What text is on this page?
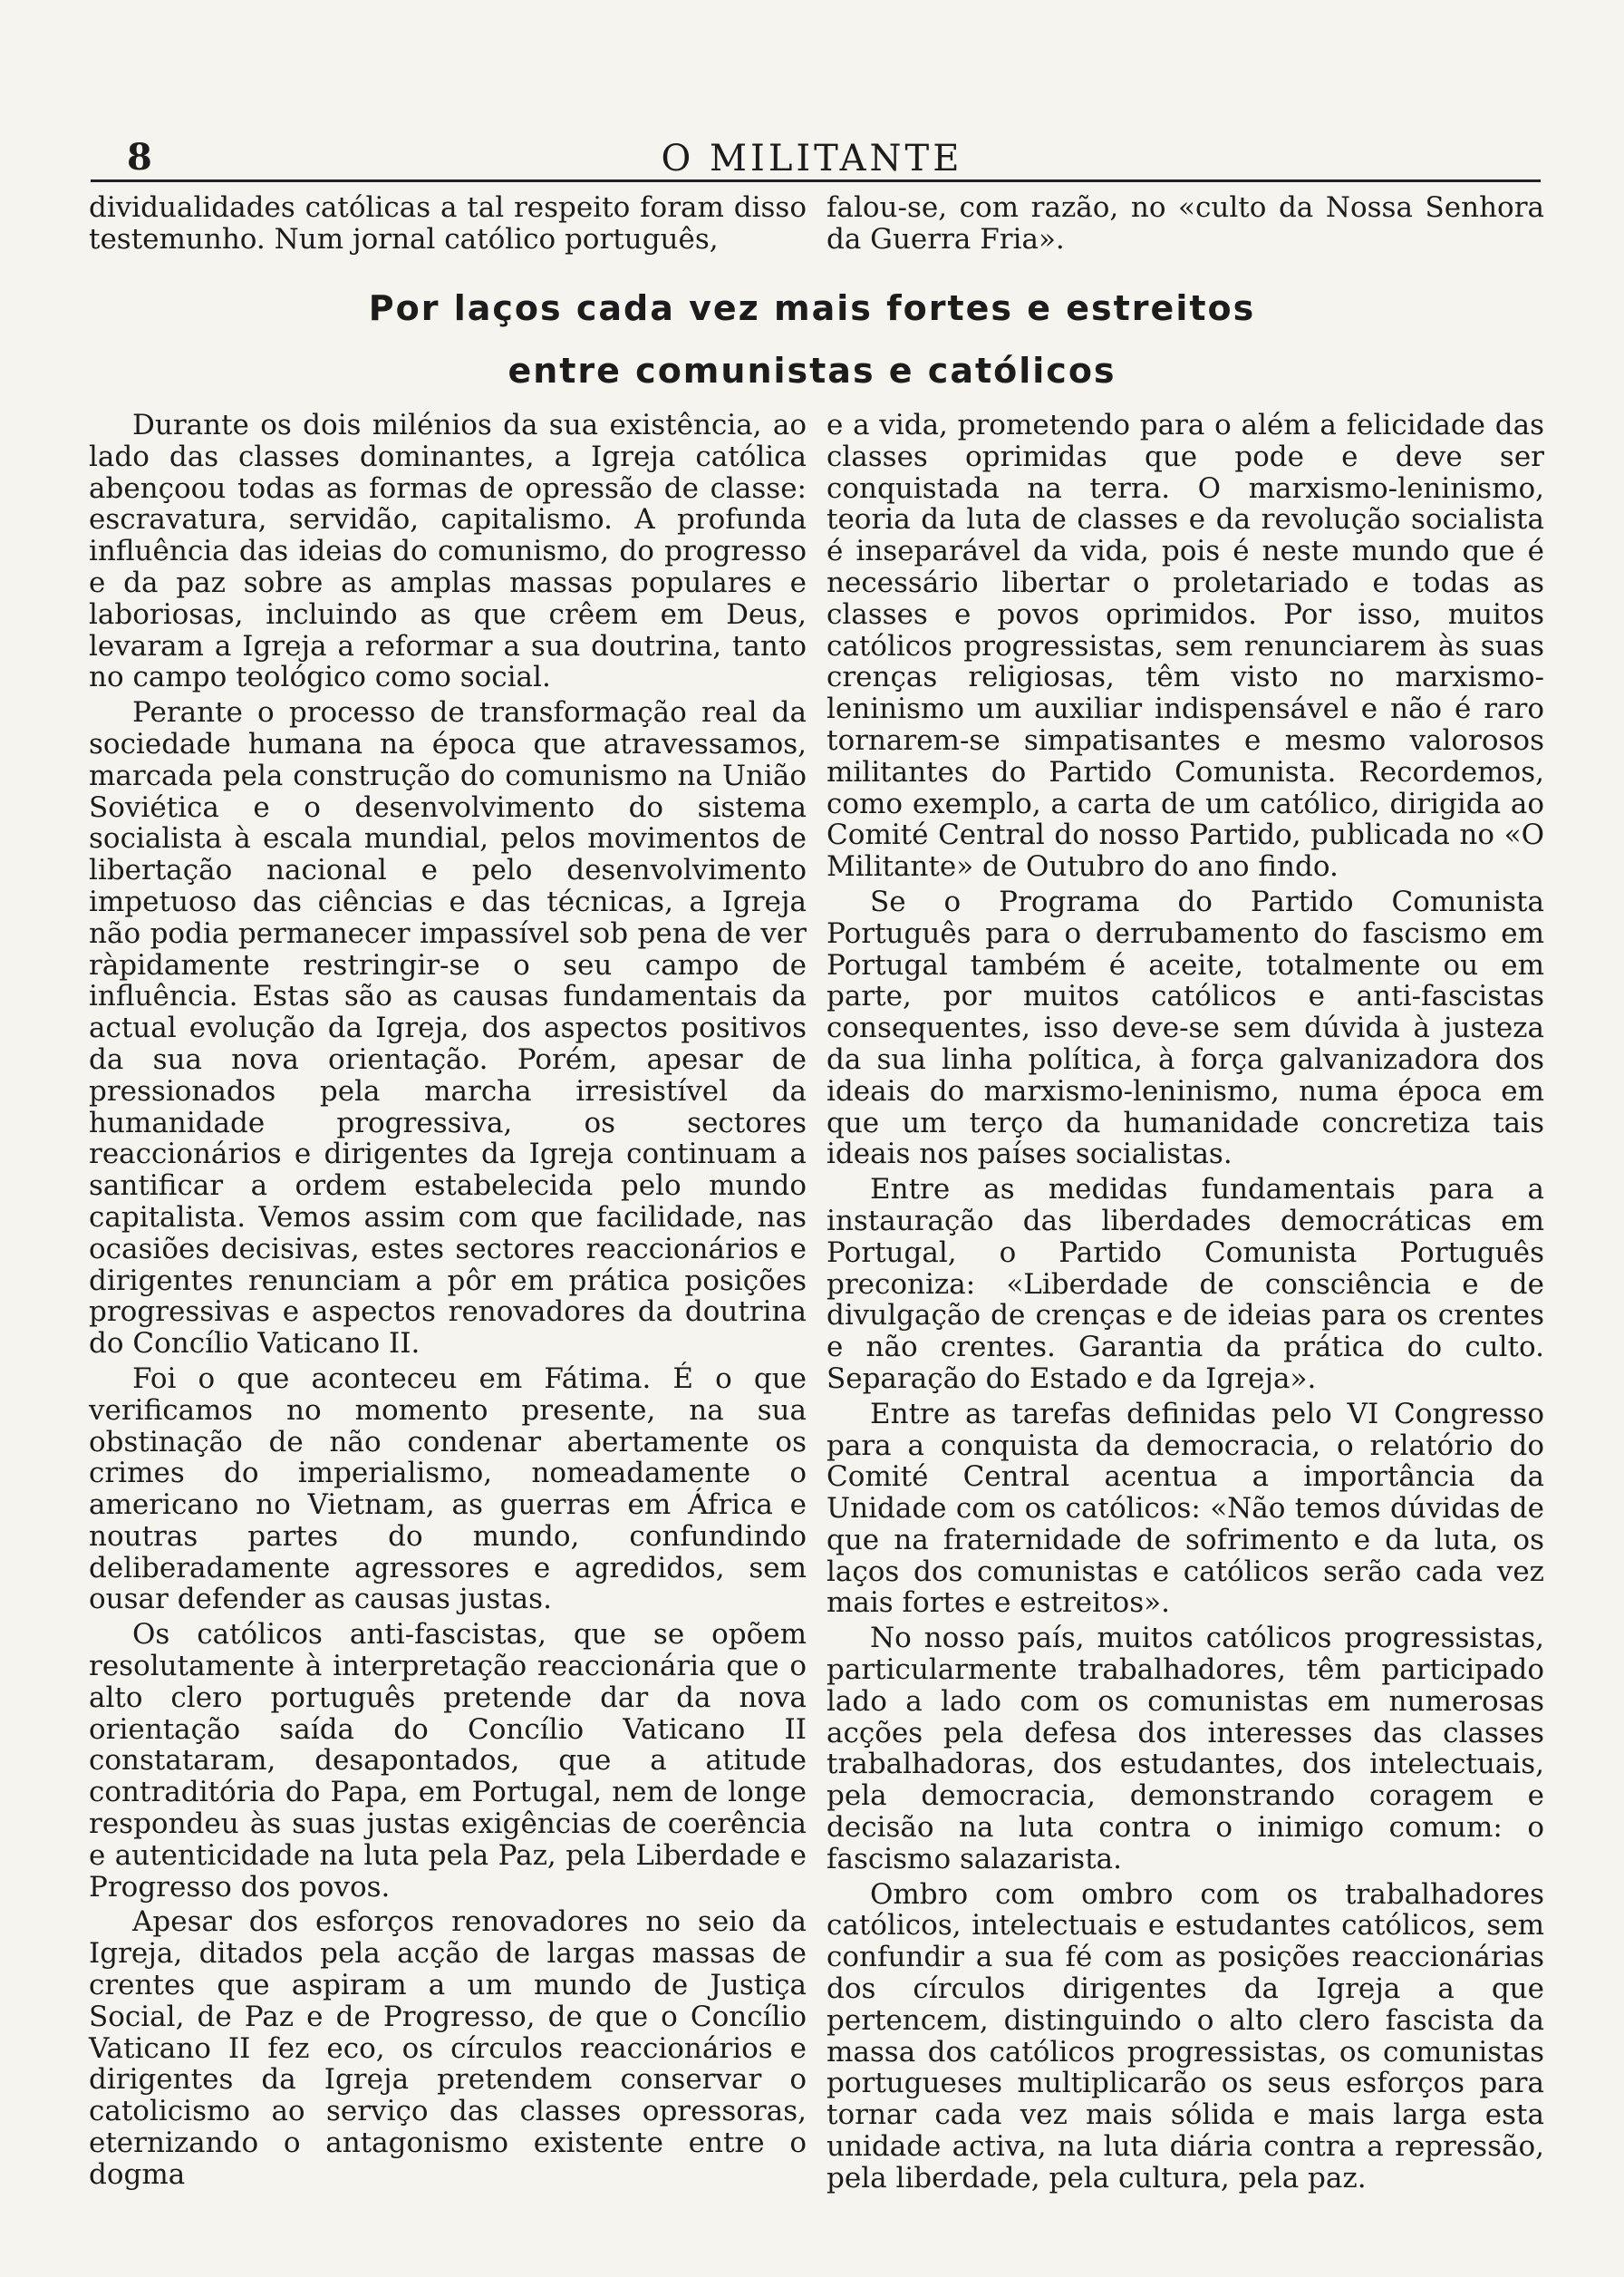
8	O MILITANTE

dividualidades católicas a tal respeito foram disso testemunho. Num jornal católico português,

falou-se, com razão, no «culto da Nossa Senhora da Guerra Fria».

Por laços cada vez mais fortes e estreitos
entre comunistas e católicos

Durante os dois milénios da sua existência, ao lado das classes dominantes, a Igreja católica abençoou todas as formas de opressão de classe: escravatura, servidão, capitalismo. A profunda influência das ideias do comunismo, do progresso e da paz sobre as amplas massas populares e laboriosas, incluindo as que crêem em Deus, levaram a Igreja a reformar a sua doutrina, tanto no campo teológico como social.

Perante o processo de transformação real da sociedade humana na época que atravessamos, marcada pela construção do comunismo na União Soviética e o desenvolvimento do sistema socialista à escala mundial, pelos movimentos de libertação nacional e pelo desenvolvimento impetuoso das ciências e das técnicas, a Igreja não podia permanecer impassível sob pena de ver ràpidamente restringir-se o seu campo de influência. Estas são as causas fundamentais da actual evolução da Igreja, dos aspectos positivos da sua nova orientação. Porém, apesar de pressionados pela marcha irresistível da humanidade progressiva, os sectores reaccionários e dirigentes da Igreja continuam a santificar a ordem estabelecida pelo mundo capitalista. Vemos assim com que facilidade, nas ocasiões decisivas, estes sectores reaccionários e dirigentes renunciam a pôr em prática posições progressivas e aspectos renovadores da doutrina do Concílio Vaticano II.

Foi o que aconteceu em Fátima. É o que verificamos no momento presente, na sua obstinação de não condenar abertamente os crimes do imperialismo, nomeadamente o americano no Vietnam, as guerras em África e noutras partes do mundo, confundindo deliberadamente agressores e agredidos, sem ousar defender as causas justas.

Os católicos anti-fascistas, que se opõem resolutamente à interpretação reaccionária que o alto clero português pretende dar da nova orientação saída do Concílio Vaticano II constataram, desapontados, que a atitude contraditória do Papa, em Portugal, nem de longe respondeu às suas justas exigências de coerência e autenticidade na luta pela Paz, pela Liberdade e Progresso dos povos.

Apesar dos esforços renovadores no seio da Igreja, ditados pela acção de largas massas de crentes que aspiram a um mundo de Justiça Social, de Paz e de Progresso, de que o Concílio Vaticano II fez eco, os círculos reaccionários e dirigentes da Igreja pretendem conservar o catolicismo ao serviço das classes opressoras, eternizando o antagonismo existente entre o dogma

e a vida, prometendo para o além a felicidade das classes oprimidas que pode e deve ser conquistada na terra. O marxismo-leninismo, teoria da luta de classes e da revolução socialista é inseparável da vida, pois é neste mundo que é necessário libertar o proletariado e todas as classes e povos oprimidos. Por isso, muitos católicos progressistas, sem renunciarem às suas crenças religiosas, têm visto no marxismo-leninismo um auxiliar indispensável e não é raro tornarem-se simpatisantes e mesmo valorosos militantes do Partido Comunista. Recordemos, como exemplo, a carta de um católico, dirigida ao Comité Central do nosso Partido, publicada no «O Militante» de Outubro do ano findo.

Se o Programa do Partido Comunista Português para o derrubamento do fascismo em Portugal também é aceite, totalmente ou em parte, por muitos católicos e anti-fascistas consequentes, isso deve-se sem dúvida à justeza da sua linha política, à força galvanizadora dos ideais do marxismo-leninismo, numa época em que um terço da humanidade concretiza tais ideais nos países socialistas.

Entre as medidas fundamentais para a instauração das liberdades democráticas em Portugal, o Partido Comunista Português preconiza: «Liberdade de consciência e de divulgação de crenças e de ideias para os crentes e não crentes. Garantia da prática do culto. Separação do Estado e da Igreja».

Entre as tarefas definidas pelo VI Congresso para a conquista da democracia, o relatório do Comité Central acentua a importância da Unidade com os católicos: «Não temos dúvidas de que na fraternidade de sofrimento e da luta, os laços dos comunistas e católicos serão cada vez mais fortes e estreitos».

No nosso país, muitos católicos progressistas, particularmente trabalhadores, têm participado lado a lado com os comunistas em numerosas acções pela defesa dos interesses das classes trabalhadoras, dos estudantes, dos intelectuais, pela democracia, demonstrando coragem e decisão na luta contra o inimigo comum: o fascismo salazarista.

Ombro com ombro com os trabalhadores católicos, intelectuais e estudantes católicos, sem confundir a sua fé com as posições reaccionárias dos círculos dirigentes da Igreja a que pertencem, distinguindo o alto clero fascista da massa dos católicos progressistas, os comunistas portugueses multiplicarão os seus esforços para tornar cada vez mais sólida e mais larga esta unidade activa, na luta diária contra a repressão, pela liberdade, pela cultura, pela paz.
